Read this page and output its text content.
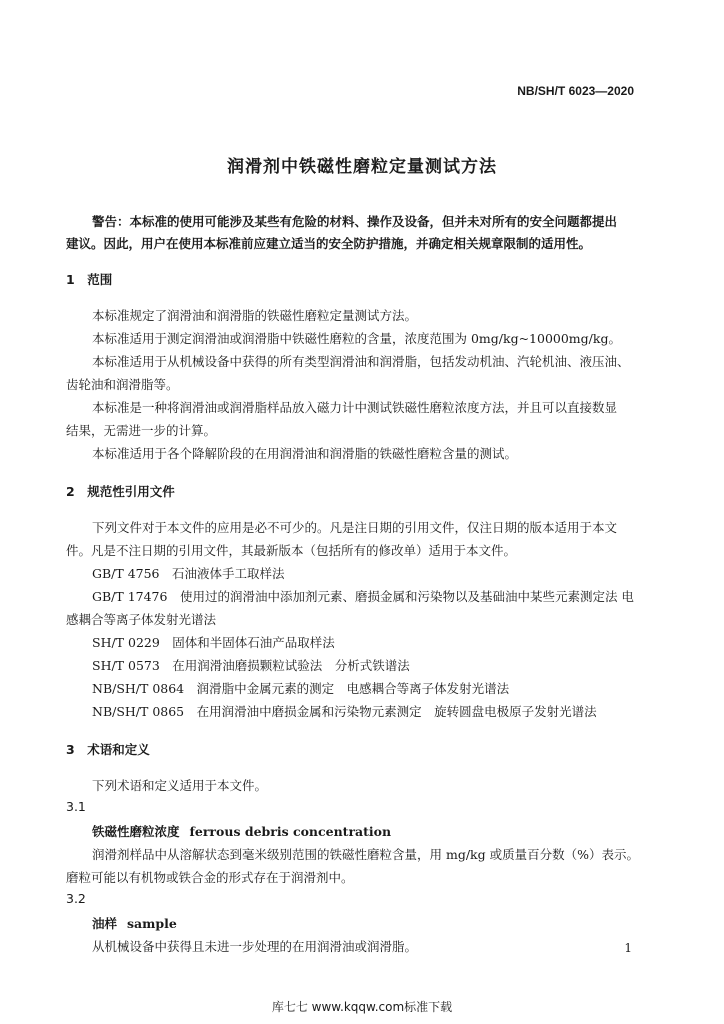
NB/SH/T 6023—2020
润滑剂中铁磁性磨粒定量测试方法
警告：本标准的使用可能涉及某些有危险的材料、操作及设备，但并未对所有的安全问题都提出
建议。因此，用户在使用本标准前应建立适当的安全防护措施，并确定相关规章限制的适用性。
1　范围
本标准规定了润滑油和润滑脂的铁磁性磨粒定量测试方法。
本标准适用于测定润滑油或润滑脂中铁磁性磨粒的含量，浓度范围为 0mg/kg~10000mg/kg。
本标准适用于从机械设备中获得的所有类型润滑油和润滑脂，包括发动机油、汽轮机油、液压油、
齿轮油和润滑脂等。
本标准是一种将润滑油或润滑脂样品放入磁力计中测试铁磁性磨粒浓度方法，并且可以直接数显
结果，无需进一步的计算。
本标准适用于各个降解阶段的在用润滑油和润滑脂的铁磁性磨粒含量的测试。
2　规范性引用文件
下列文件对于本文件的应用是必不可少的。凡是注日期的引用文件，仅注日期的版本适用于本文
件。凡是不注日期的引用文件，其最新版本（包括所有的修改单）适用于本文件。
GB/T 4756　石油液体手工取样法
GB/T 17476　使用过的润滑油中添加剂元素、磨损金属和污染物以及基础油中某些元素测定法 电
感耦合等离子体发射光谱法
SH/T 0229　固体和半固体石油产品取样法
SH/T 0573　在用润滑油磨损颗粒试验法　分析式铁谱法
NB/SH/T 0864　润滑脂中金属元素的测定　电感耦合等离子体发射光谱法
NB/SH/T 0865　在用润滑油中磨损金属和污染物元素测定　旋转圆盘电极原子发射光谱法
3　术语和定义
下列术语和定义适用于本文件。
3.1
铁磁性磨粒浓度 ferrous debris concentration
润滑剂样品中从溶解状态到毫米级别范围的铁磁性磨粒含量，用 mg/kg 或质量百分数（%）表示。
磨粒可能以有机物或铁合金的形式存在于润滑剂中。
3.2
油样 sample
从机械设备中获得且未进一步处理的在用润滑油或润滑脂。	1
库七七 www.kqqw.com标准下载
